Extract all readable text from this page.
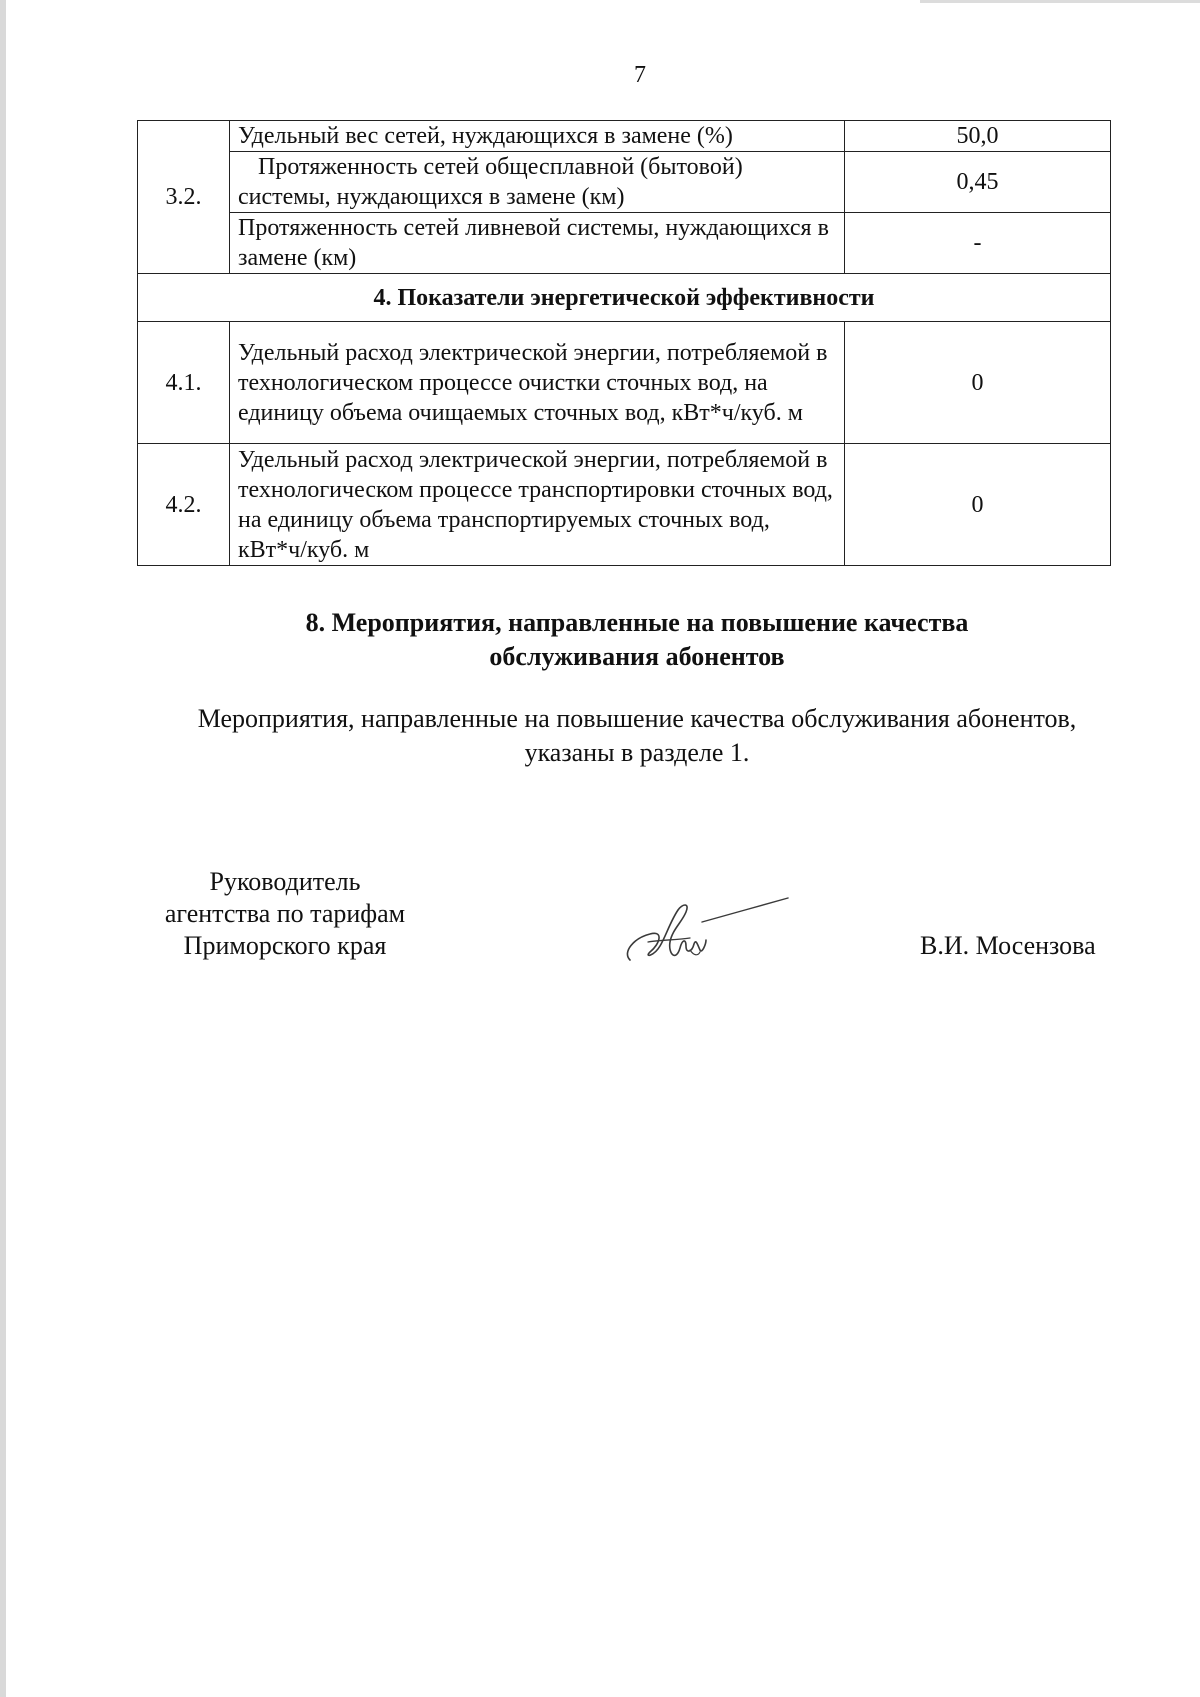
7
3.2.	Удельный вес сетей, нуждающихся в замене (%)	50,0
	Протяженность сетей общесплавной (бытовой) системы, нуждающихся в замене (км)	0,45
	Протяженность сетей ливневой системы, нуждающихся в замене (км)	-
4. Показатели энергетической эффективности		
4.1.	Удельный расход электрической энергии, потребляемой в технологическом процессе очистки сточных вод, на единицу объема очищаемых сточных вод, кВт*ч/куб. м	0
4.2.	Удельный расход электрической энергии, потребляемой в технологическом процессе транспортировки сточных вод, на единицу объема транспортируемых сточных вод, кВт*ч/куб. м	0
8. Мероприятия, направленные на повышение качества
обслуживания абонентов
Мероприятия, направленные на повышение качества обслуживания абонентов,
указаны в разделе 1.
Руководитель
агентства по тарифам
Приморского края	В.И. Мосензова
